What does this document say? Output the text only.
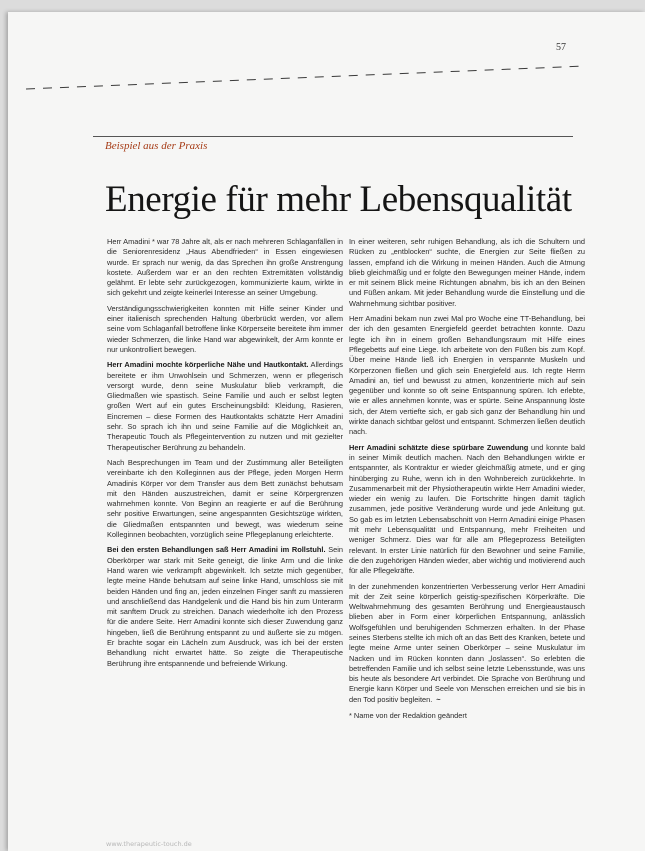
57
Beispiel aus der Praxis
Energie für mehr Lebensqualität

Herr Amadini * war 78 Jahre alt, als er nach mehreren Schlaganfällen in die Seniorenresidenz „Haus Abendfrieden“ in Essen eingewiesen wurde. Er sprach nur wenig, da das Sprechen ihn große Anstrengung kostete. Außerdem war er an den rechten Extremitäten vollständig gelähmt. Er lebte sehr zurückgezogen, kommunizierte kaum, wirkte in sich gekehrt und zeigte keinerlei Interesse an seiner Umgebung.

Verständigungsschwierigkeiten konnten mit Hilfe seiner Kinder und einer italienisch sprechenden Haltung überbrückt werden, vor allem seine vom Schlaganfall betroffene linke Körperseite bereitete ihm immer wieder Schmerzen, die linke Hand war abgewinkelt, der Arm konnte er nur unkontrolliert bewegen.

Herr Amadini mochte körperliche Nähe und Hautkontakt. Allerdings bereitete er ihm Unwohlsein und Schmerzen, wenn er pflegerisch versorgt wurde, denn seine Muskulatur blieb verkrampft, die Gliedmaßen wie spastisch. Seine Familie und auch er selbst legten großen Wert auf ein gutes Erscheinungsbild: Kleidung, Rasieren, Eincremen – diese Formen des Hautkontakts schätzte Herr Amadini sehr. So sprach ich ihn und seine Familie auf die Möglichkeit an, Therapeutic Touch als Pflegeintervention zu nutzen und mit gezielter Therapeutischer Berührung zu behandeln.

Nach Besprechungen im Team und der Zustimmung aller Beteiligten vereinbarte ich den Kolleginnen aus der Pflege, jeden Morgen Herrn Amadinis Körper vor dem Transfer aus dem Bett zunächst behutsam mit den Händen auszustreichen, damit er seine Körpergrenzen wahrnehmen konnte. Von Beginn an reagierte er auf die Berührung sehr positive Erwartungen, seine angespannten Gesichtszüge wirkten, die Gliedmaßen entspannten und bewegt, was wiederum seine Kolleginnen beobachten, vorzüglich seine Pflegeplanung erleichterte.

Bei den ersten Behandlungen saß Herr Amadini im Rollstuhl. Sein Oberkörper war stark mit Seite geneigt, die linke Arm und die linke Hand waren wie verkrampft abgewinkelt. Ich setzte mich gegenüber, legte meine Hände behutsam auf seine linke Hand, umschloss sie mit beiden Händen und fing an, jeden einzelnen Finger sanft zu massieren und anschließend das Handgelenk und die Hand bis hin zum Unterarm mit sanftem Druck zu streichen. Danach wiederholte ich den Prozess für die andere Seite. Herr Amadini konnte sich dieser Zuwendung ganz hingeben, ließ die Berührung entspannt zu und äußerte sie zu mögen. Er brachte sogar ein Lächeln zum Ausdruck, was ich bei der ersten Behandlung nicht erwartet hätte. So zeigte die Therapeutische Berührung ihre entspannende und befreiende Wirkung.

In einer weiteren, sehr ruhigen Behandlung, als ich die Schultern und Rücken zu „entblocken“ suchte, die Energien zur Seite fließen zu lassen, empfand ich die Wirkung in meinen Händen. Auch die Atmung blieb gleichmäßig und er folgte den Bewegungen meiner Hände, indem er mit seinem Blick meine Richtungen abnahm, bis ich an den Beinen und Füßen ankam. Mit jeder Behandlung wurde die Einstellung und die Wahrnehmung sichtbar positiver.

Herr Amadini bekam nun zwei Mal pro Woche eine TT-Behandlung, bei der ich den gesamten Energiefeld geerdet betrachten konnte. Dazu legte ich ihn in einem großen Behandlungsraum mit Hilfe eines Pflegebetts auf eine Liege. Ich arbeitete von den Füßen bis zum Kopf. Über meine Hände ließ ich Energien in verspannte Muskeln und Körperzonen fließen und glich sein Energiefeld aus. Ich regte Herrn Amadini an, tief und bewusst zu atmen, konzentrierte mich auf sein gegenüber und konnte so oft seine Entspannung spüren. Ich erlebte, wie er alles annehmen konnte, was er spürte. Seine Anspannung löste sich, der Atem vertiefte sich, er gab sich ganz der Behandlung hin und wirkte danach sichtbar gelöst und entspannt. Schmerzen ließen deutlich nach.

Herr Amadini schätzte diese spürbare Zuwendung und konnte bald in seiner Mimik deutlich machen. Nach den Behandlungen wirkte er entspannter, als Kontraktur er wieder gleichmäßig atmete, und er ging hinüberging zu Ruhe, wenn ich in den Wohnbereich zurückkehrte. In Zusammenarbeit mit der Physiotherapeutin wirkte Herr Amadini wieder, wieder ein wenig zu laufen. Die Fortschritte hingen damit täglich zusammen, jede positive Veränderung wurde und jede Anleitung gut. So gab es im letzten Lebensabschnitt von Herrn Amadini einige Phasen mit mehr Lebensqualität und Entspannung, mehr Freiheiten und weniger Schmerz. Dies war für alle am Pflegeprozess Beteiligten relevant. In erster Linie natürlich für den Bewohner und seine Familie, die den zugehörigen Händen wieder, aber wichtig und motivierend auch für alle Pflegekräfte.

In der zunehmenden konzentrierten Verbesserung verlor Herr Amadini mit der Zeit seine körperlich geistig-spezifischen Körperkräfte. Die Weltwahrnehmung des gesamten Berührung und Energieaustausch blieben aber in Form einer körperlichen Entspannung, anlässlich Wolfsgefühlen und beruhigenden Schmerzen erhalten. In der Phase seines Sterbens stellte ich mich oft an das Bett des Kranken, betete und legte meine Arme unter seinen Oberkörper – seine Muskulatur im Nacken und im Rücken konnten dann „loslassen“. So erlebten die betreffenden Familie und ich selbst seine letzte Lebensstunde, was uns bis heute als besondere Art verbindet. Die Sprache von Berührung und Energie kann Körper und Seele von Menschen erreichen und sie bis in den Tod positiv begleiten. ~

* Name von der Redaktion geändert

www.therapeutic-touch.de
